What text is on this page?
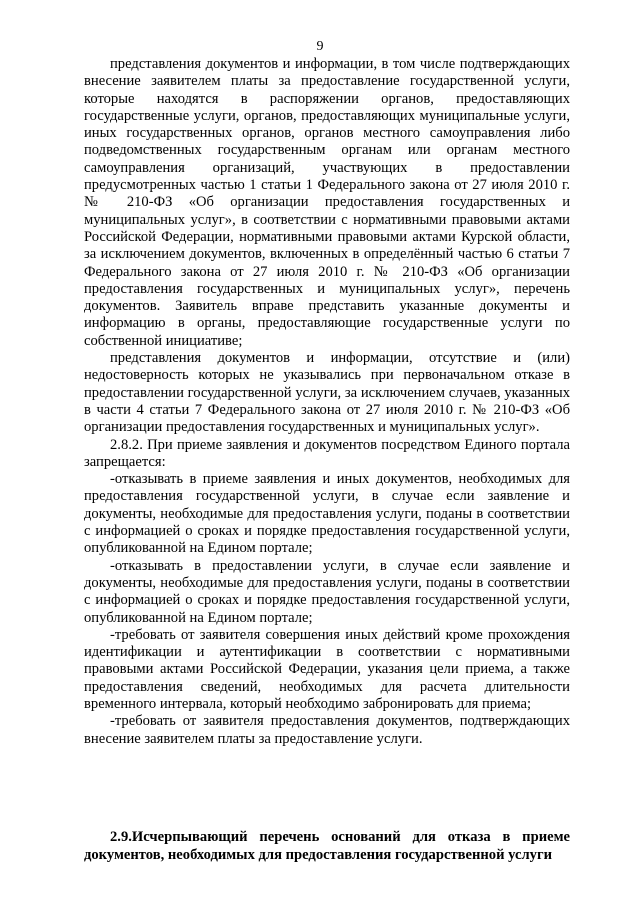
9

представления документов и информации, в том числе подтверждающих внесение заявителем платы за предоставление государственной услуги, которые находятся в распоряжении органов, предоставляющих государственные услуги, органов, предоставляющих муниципальные услуги, иных государственных органов, органов местного самоуправления либо подведомственных государственным органам или органам местного самоуправления организаций, участвующих в предоставлении предусмотренных частью 1 статьи 1 Федерального закона от 27 июля 2010 г. № 210-ФЗ «Об организации предоставления государственных и муниципальных услуг», в соответствии с нормативными правовыми актами Российской Федерации, нормативными правовыми актами Курской области, за исключением документов, включенных в определённый частью 6 статьи 7 Федерального закона от 27 июля 2010 г. № 210-ФЗ «Об организации предоставления государственных и муниципальных услуг», перечень документов. Заявитель вправе представить указанные документы и информацию в органы, предоставляющие государственные услуги по собственной инициативе;

представления документов и информации, отсутствие и (или) недостоверность которых не указывались при первоначальном отказе в предоставлении государственной услуги, за исключением случаев, указанных в части 4 статьи 7 Федерального закона от 27 июля 2010 г. № 210-ФЗ «Об организации предоставления государственных и муниципальных услуг».

2.8.2. При приеме заявления и документов посредством Единого портала запрещается:

-отказывать в приеме заявления и иных документов, необходимых для предоставления государственной услуги, в случае если заявление и документы, необходимые для предоставления услуги, поданы в соответствии с информацией о сроках и порядке предоставления государственной услуги, опубликованной на Едином портале;

-отказывать в предоставлении услуги, в случае если заявление и документы, необходимые для предоставления услуги, поданы в соответствии с информацией о сроках и порядке предоставления государственной услуги, опубликованной на Едином портале;

-требовать от заявителя совершения иных действий кроме прохождения идентификации и аутентификации в соответствии с нормативными правовыми актами Российской Федерации, указания цели приема, а также предоставления сведений, необходимых для расчета длительности временного интервала, который необходимо забронировать для приема;

-требовать от заявителя предоставления документов, подтверждающих внесение заявителем платы за предоставление услуги.

2.9.Исчерпывающий перечень оснований для отказа в приеме документов, необходимых для предоставления государственной услуги
